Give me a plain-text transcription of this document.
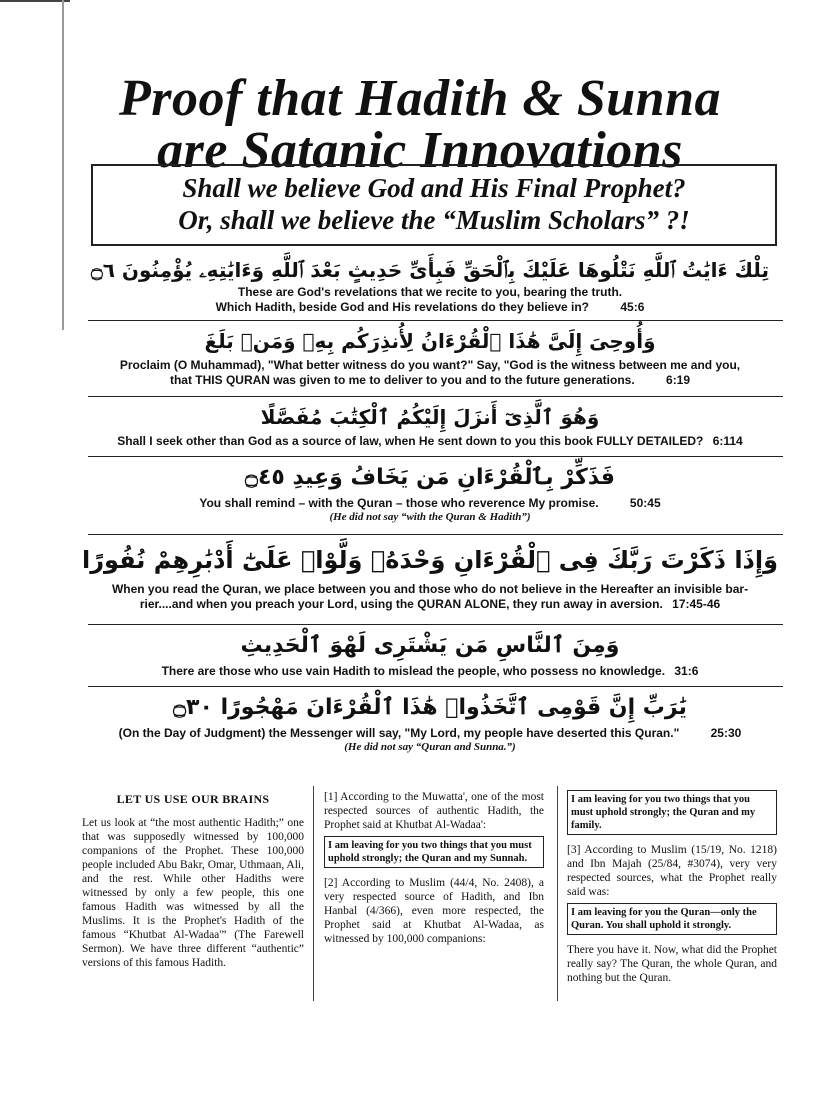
Proof that Hadith & Sunna
are Satanic Innovations
Shall we believe God and His Final Prophet?
Or, shall we believe the “Muslim Scholars” ?!
تِلْكَ ءَايَٰتُ ٱللَّهِ نَتْلُوهَا عَلَيْكَ بِٱلْحَقِّ فَبِأَىِّ حَدِيثٍ بَعْدَ ٱللَّهِ وَءَايَٰتِهِۦ يُؤْمِنُونَ ۝٦
These are God's revelations that we recite to you, bearing the truth.
Which Hadith, beside God and His revelations do they believe in?	45:6
وَأُوحِىَ إِلَىَّ هَٰذَا ٱلْقُرْءَانُ لِأُنذِرَكُم بِهِۦ وَمَنۢ بَلَغَ
Proclaim (O Muhammad), "What better witness do you want?" Say, "God is the witness between me and you,
that THIS QURAN was given to me to deliver to you and to the future generations.	6:19
وَهُوَ ٱلَّذِىٓ أَنزَلَ إِلَيْكُمُ ٱلْكِتَٰبَ مُفَصَّلًا
Shall I seek other than God as a source of law, when He sent down to you this book FULLY DETAILED? 6:114
فَذَكِّرْ بِٱلْقُرْءَانِ مَن يَخَافُ وَعِيدِ ۝٤٥
You shall remind – with the Quran – those who reverence My promise.	50:45
(He did not say “with the Quran & Hadith”)
وَإِذَا ذَكَرْتَ رَبَّكَ فِى ٱلْقُرْءَانِ وَحْدَهُۥ وَلَّوْا۟ عَلَىٰٓ أَدْبَٰرِهِمْ نُفُورًا
When you read the Quran, we place between you and those who do not believe in the Hereafter an invisible bar-
rier....and when you preach your Lord, using the QURAN ALONE, they run away in aversion. 17:45-46
وَمِنَ ٱلنَّاسِ مَن يَشْتَرِى لَهْوَ ٱلْحَدِيثِ
There are those who use vain Hadith to mislead the people, who possess no knowledge. 31:6
يَٰرَبِّ إِنَّ قَوْمِى ٱتَّخَذُوا۟ هَٰذَا ٱلْقُرْءَانَ مَهْجُورًا ۝٣٠
(On the Day of Judgment) the Messenger will say, "My Lord, my people have deserted this Quran."	25:30
(He did not say “Quran and Sunna.”)

LET US USE OUR BRAINS

Let us look at “the most authentic Hadith;” one that was supposedly witnessed by 100,000 companions of the Prophet. These 100,000 people included Abu Bakr, Omar, Uthmaan, Ali, and the rest. While other Hadiths were witnessed by only a few people, this one famous Hadith was witnessed by all the Muslims. It is the Prophet's Hadith of the famous “Khutbat Al-Wadaa'” (The Farewell Sermon). We have three different “authentic” versions of this famous Hadith.

[1] According to the Muwatta', one of the most respected sources of authentic Hadith, the Prophet said at Khutbat Al-Wadaa':

I am leaving for you two things that you must uphold strongly; the Quran and my Sunnah.

[2] According to Muslim (44/4, No. 2408), a very respected source of Hadith, and Ibn Hanbal (4/366), even more respected, the Prophet said at Khutbat Al-Wadaa, as witnessed by 100,000 companions:

I am leaving for you two things that you must uphold strongly; the Quran and my family.

[3] According to Muslim (15/19, No. 1218) and Ibn Majah (25/84, #3074), very very respected sources, what the Prophet really said was:

I am leaving for you the Quran—only the Quran. You shall uphold it strongly.

There you have it. Now, what did the Prophet really say? The Quran, the whole Quran, and nothing but the Quran.
